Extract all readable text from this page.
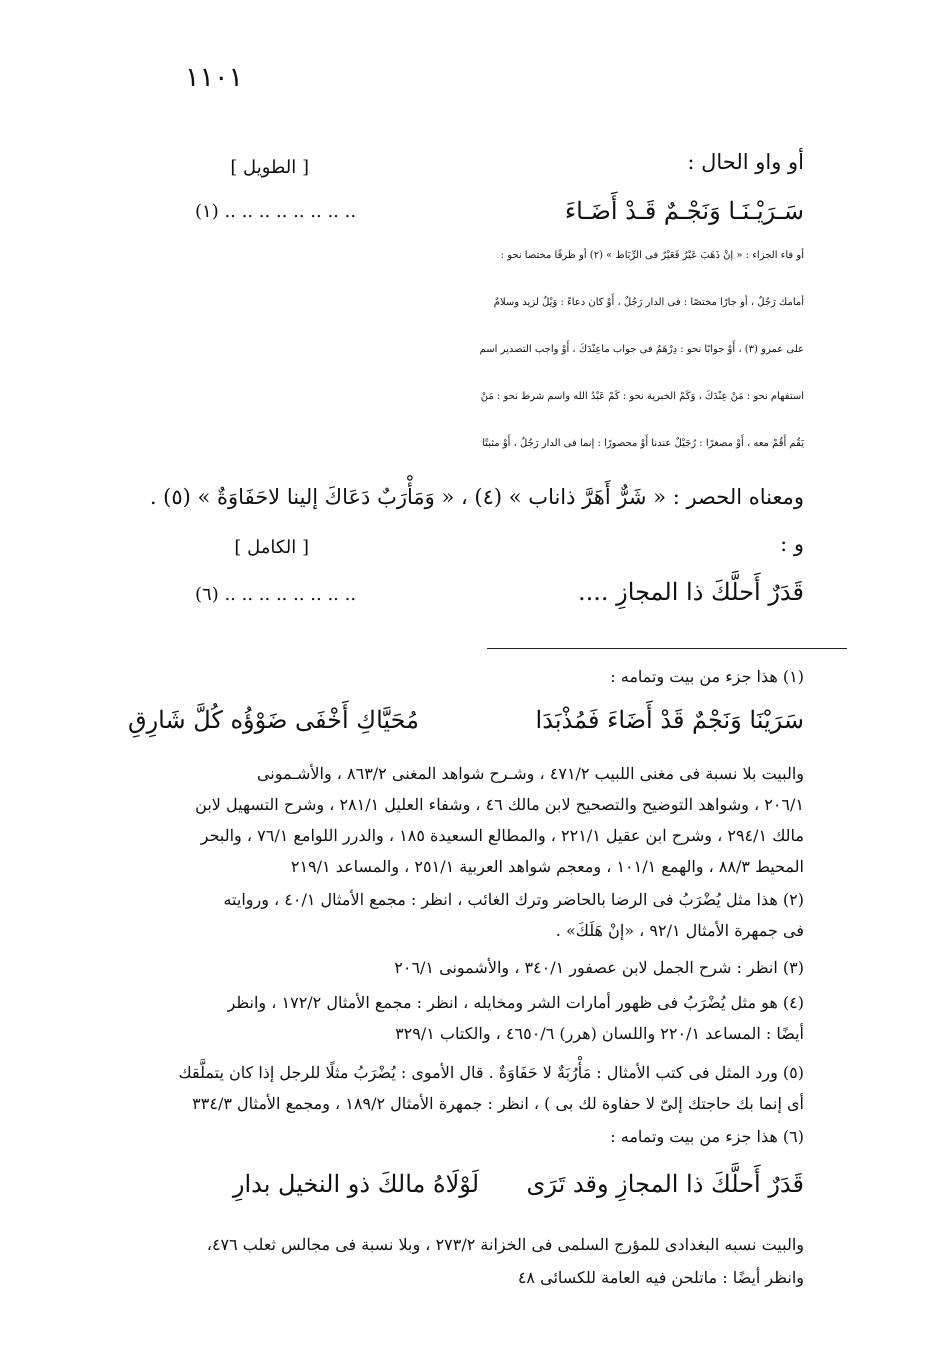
١١٠١
أو واو الحال :
[ الطويل ]
سَـرَيْـنَـا وَنَجْـمٌ قَـدْ أَضَـاءَ
(١) .. .. .. .. .. .. .. ..
أو فاء الجزاء : « إنْ ذَهَبَ عَيْرٌ فَعَيْرٌ فى الرِّبَاط » (٢) أو ظرفًا مختصا نحو :
أمامك رَجُلٌ ، أو جارًا مختصًا : فى الدار رَجُلٌ ، أَوْ كان دعاءً : وَيْلٌ لزيد وسلامٌ
على عمرو (٣) ، أَوْ جوابًا نحو : دِرْهَمٌ فى جواب ماعِنْدَكَ ، أَوْ واجب التصدير اسم
استفهام نحو : مَنْ عِنْدَكَ ، وَكَمْ الخبرية نحو : كَمْ عَبْدُ الله واسم شرط نحو : مَنْ
يَقُم أَقُمْ معه ، أَوْ مصغرًا : رُجَيْلٌ عندنا أَوْ محصورًا : إنما فى الدار رَجُلٌ ، أَوْ مثبتًا
ومعناه الحصر : « شَرٌّ أَهَرَّ ذاناب » (٤) ، « وَمَأْرَبٌ دَعَاكَ إلينا لاحَفَاوَةٌ » (٥) .
و :
[ الكامل ]
قَدَرٌ أَحلَّكَ ذا المجازِ ....
(٦) .. .. .. .. .. .. .. ..
(١) هذا جزء من بيت وتمامه :
سَرَيْنَا وَنَجْمٌ قَدْ أَضَاءَ فَمُذْبَدَا
مُحَيَّاكِ أَخْفَى ضَوْؤُه كُلَّ شَارِقِ
والبيت بلا نسبة فى مغنى اللبيب ٤٧١/٢ ، وشـرح شواهد المغنى ٨٦٣/٢ ، والأشـمونى
٢٠٦/١ ، وشواهد التوضيح والتصحيح لابن مالك ٤٦ ، وشفاء العليل ٢٨١/١ ، وشرح التسهيل لابن
مالك ٢٩٤/١ ، وشرح ابن عقيل ٢٢١/١ ، والمطالع السعيدة ١٨٥ ، والدرر اللوامع ٧٦/١ ، والبحر
المحيط ٨٨/٣ ، والهمع ١٠١/١ ، ومعجم شواهد العربية ٢٥١/١ ، والمساعد ٢١٩/١
(٢) هذا مثل يُضْرَبُ فى الرضا بالحاضر وترك الغائب ، انظر : مجمع الأمثال ٤٠/١ ، وروايته
فى جمهرة الأمثال ٩٢/١ ، «إنْ هَلَكَ» .
(٣) انظر : شرح الجمل لابن عصفور ٣٤٠/١ ، والأشمونى ٢٠٦/١
(٤) هو مثل يُضْرَبُ فى ظهور أمارات الشر ومخايله ، انظر : مجمع الأمثال ١٧٢/٢ ، وانظر
أيضًا : المساعد ٢٢٠/١ واللسان (هرر) ٤٦٥٠/٦ ، والكتاب ٣٢٩/١
(٥) ورد المثل فى كتب الأمثال : مَأْرُبَةٌ لا حَفَاوَةٌ . قال الأموى : يُضْرَبُ مثلًا للرجل إذا كان يتملَّقك
أى إنما بك حاجتك إلىّ لا حفاوة لك بى ) ، انظر : جمهرة الأمثال ١٨٩/٢ ، ومجمع الأمثال ٣٣٤/٣
(٦) هذا جزء من بيت وتمامه :
قَدَرٌ أَحلَّكَ ذا المجازِ وقد تَرَى
لَوْلَاهُ مالكَ ذو النخيل بدارِ
والبيت نسبه البغدادى للمؤرج السلمى فى الخزانة ٢٧٣/٢ ، وبلا نسبة فى مجالس ثعلب ٤٧٦،
وانظر أيضًا : ماتلحن فيه العامة للكسائى ٤٨
